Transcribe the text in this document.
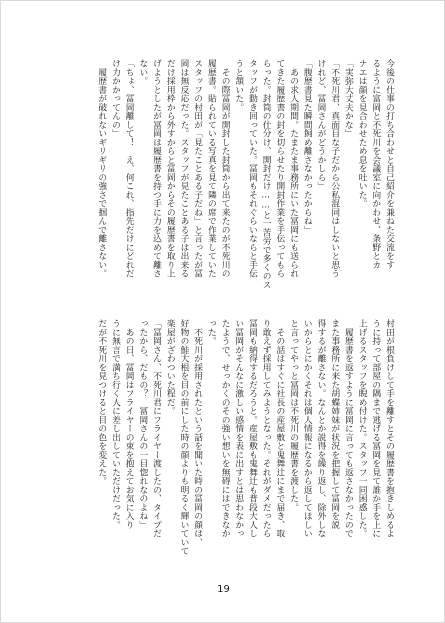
今後の仕事の打ち合わせと自己紹介を兼ねた交流をす
るように富岡と不死川を会議室に向かわせ、条野とカ
ナエは顔を見合わせため息を吐いた。
「実弥大丈夫かな」
「不死川君、真面目な子だから公私混同はしないと思う
けれど、冨岡さんがどうかしら」
「腹歴書見た瞬間飼め離さなかったからね」
　あの求人期間。たまたま事務所にいた冨岡にも送られ
てきた履歴書の封を切らせたり開封作業を手伝ってもら
らった。封筒の仕分け、開封だけ……と一苦労で多くのス
タッフが動き回っていた。冨岡もそれぐらいならと手伝
うと頷いた。
　その際冨岡が開封した封筒から出て来たのが不死川の
履歴書。貼られている写真を見て隣の席で作業していた
スタッフの村田が「見たことある子だね」と言ったが冨
岡は無反応だった。スタッフが見たことある子は出来る
だけ採用枠から外すからと冨岡からその履歴書を取り上
げようとしたが冨岡は履歴書を持つ手に力を込めて離さ
ない。
「ちょ、冨岡離して！　え、何これ、指先だけにどれだ
け力かかってんの」
　履歴書が破れないギリギリの強さで掴んで離さない。
村田が根負けして手を離すとその履歴書を抱きしめるよ
うに持って部屋の隅まで逃げる冨岡を見て誰か手を上に
上げるスタッフを睨め付けた。スタッフ一同困惑した。
　履歴書を返すように冨岡に言っても返さなかったので
また事務所に来た胡蝶姉妹が状況を把握して冨岡を説
得するが離さない。なんとか説得を繰り返し、除外しな
いからとにかくそれは個人情報になるから返してほしい
と言ってやっと冨岡は不死川の履歴書を渡した。
　その話はすぐに社長の産屋敷と鬼舞辻にまで届き、取
り敢えず採用してみようとなった。それがダメだったら
冨岡も納得するだろうと。産屋敷も鬼舞辻も普段大人し
い冨岡がそんなに激しい感情を表に出すとは思わなかっ
たようで、せっかくのその強い想いを無碍にはできなか
った。
　不死川が採用されたという話を聞いた時の冨岡の顔は、
好物の鮭大根を目の前にした時の顔よりも明るく輝いていて
楽屋がざわついた程だ。
「冨岡さん、不死川君にフライヤー渡したの、タイプだ
ったから、だもの？　冨岡さんの一目惚れなのよね」
　あの日、冨岡はフライヤーの束を抱えてお気に入り
うに無言で満ち行く人に差し出していただけだった。
だが不死川を見つけると目の色を変えた。
19
